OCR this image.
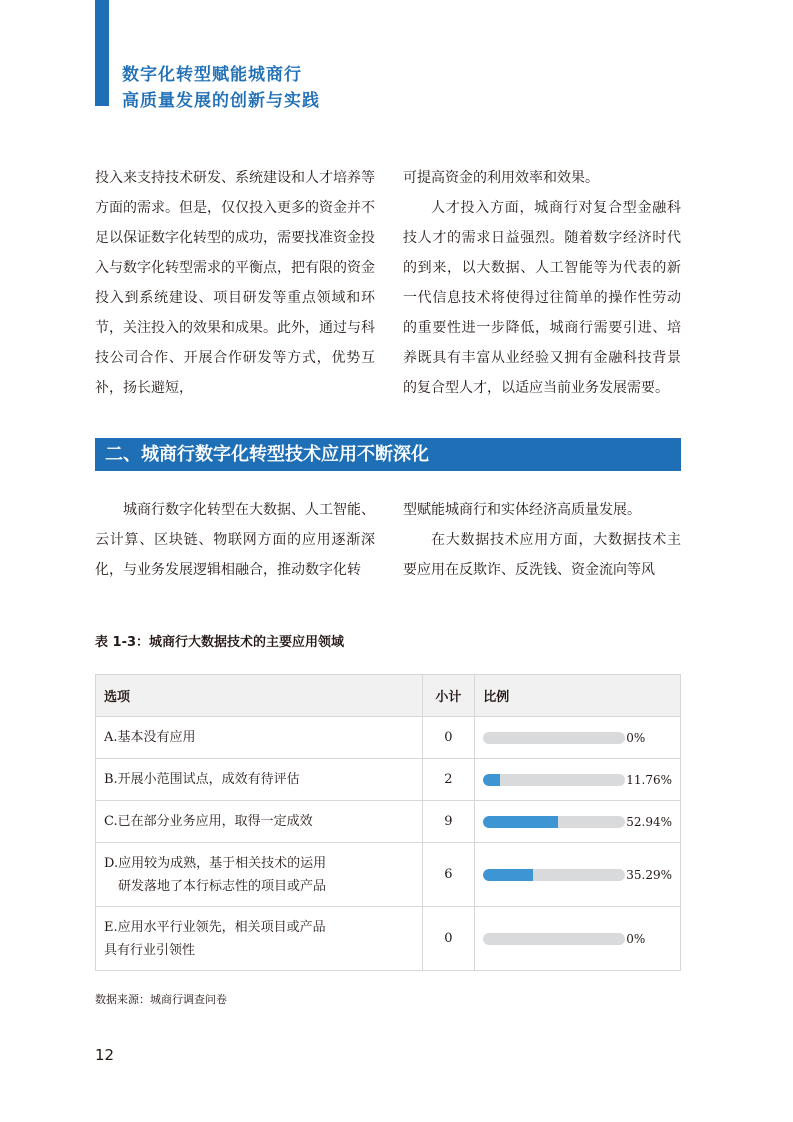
数字化转型赋能城商行
高质量发展的创新与实践

投入来支持技术研发、系统建设和人才培养等方面的需求。但是，仅仅投入更多的资金并不足以保证数字化转型的成功，需要找准资金投入与数字化转型需求的平衡点，把有限的资金投入到系统建设、项目研发等重点领域和环节，关注投入的效果和成果。此外，通过与科技公司合作、开展合作研发等方式，优势互补，扬长避短，

可提高资金的利用效率和效果。

人才投入方面，城商行对复合型金融科技人才的需求日益强烈。随着数字经济时代的到来，以大数据、人工智能等为代表的新一代信息技术将使得过往简单的操作性劳动的重要性进一步降低，城商行需要引进、培养既具有丰富从业经验又拥有金融科技背景的复合型人才，以适应当前业务发展需要。

二、城商行数字化转型技术应用不断深化

城商行数字化转型在大数据、人工智能、云计算、区块链、物联网方面的应用逐渐深化，与业务发展逻辑相融合，推动数字化转

型赋能城商行和实体经济高质量发展。

在大数据技术应用方面，大数据技术主要应用在反欺诈、反洗钱、资金流向等风

表 1-3：城商行大数据技术的主要应用领域
选项	小计	比例

A.基本没有应用	0	0%

B.开展小范围试点，成效有待评估	2	11.76%

C.已在部分业务应用，取得一定成效	9	52.94%

D.应用较为成熟，基于相关技术的运用
研发落地了本行标志性的项目或产品	6	35.29%

E.应用水平行业领先，相关项目或产品
具有行业引领性	0	0%
数据来源：城商行调查问卷
12
